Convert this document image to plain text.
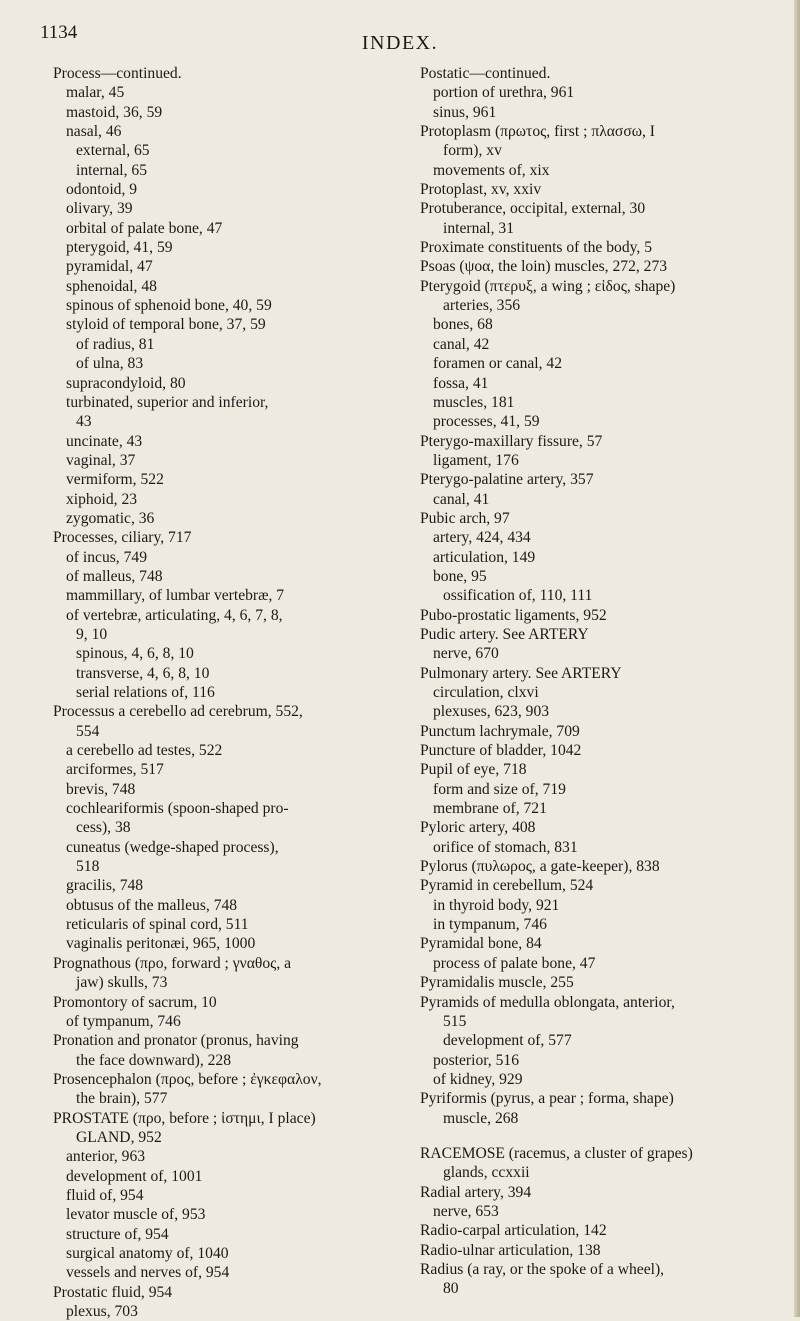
1134	INDEX.
Process—continued.
malar, 45
mastoid, 36, 59
nasal, 46
external, 65
internal, 65
odontoid, 9
olivary, 39
orbital of palate bone, 47
pterygoid, 41, 59
pyramidal, 47
sphenoidal, 48
spinous of sphenoid bone, 40, 59
styloid of temporal bone, 37, 59
of radius, 81
of ulna, 83
supracondyloid, 80
turbinated, superior and inferior,
43
uncinate, 43
vaginal, 37
vermiform, 522
xiphoid, 23
zygomatic, 36
Processes, ciliary, 717
of incus, 749
of malleus, 748
mammillary, of lumbar vertebræ, 7
of vertebræ, articulating, 4, 6, 7, 8,
9, 10
spinous, 4, 6, 8, 10
transverse, 4, 6, 8, 10
serial relations of, 116
Processus a cerebello ad cerebrum, 552,
554
a cerebello ad testes, 522
arciformes, 517
brevis, 748
cochleariformis (spoon-shaped pro-
cess), 38
cuneatus (wedge-shaped process),
518
gracilis, 748
obtusus of the malleus, 748
reticularis of spinal cord, 511
vaginalis peritonæi, 965, 1000
Prognathous (προ, forward ; γναθος, a
jaw) skulls, 73
Promontory of sacrum, 10
of tympanum, 746
Pronation and pronator (pronus, having
the face downward), 228
Prosencephalon (προς, before ; ἐγκεφαλον,
the brain), 577
PROSTATE (προ, before ; ἱστημι, I place)
GLAND, 952
anterior, 963
development of, 1001
fluid of, 954
levator muscle of, 953
structure of, 954
surgical anatomy of, 1040
vessels and nerves of, 954
Prostatic fluid, 954
plexus, 703
Postatic—continued.
portion of urethra, 961
sinus, 961
Protoplasm (πρωτος, first ; πλασσω, I
form), xv
movements of, xix
Protoplast, xv, xxiv
Protuberance, occipital, external, 30
internal, 31
Proximate constituents of the body, 5
Psoas (ψοα, the loin) muscles, 272, 273
Pterygoid (πτερυξ, a wing ; εἰδος, shape)
arteries, 356
bones, 68
canal, 42
foramen or canal, 42
fossa, 41
muscles, 181
processes, 41, 59
Pterygo-maxillary fissure, 57
ligament, 176
Pterygo-palatine artery, 357
canal, 41
Pubic arch, 97
artery, 424, 434
articulation, 149
bone, 95
ossification of, 110, 111
Pubo-prostatic ligaments, 952
Pudic artery. See ARTERY
nerve, 670
Pulmonary artery. See ARTERY
circulation, clxvi
plexuses, 623, 903
Punctum lachrymale, 709
Puncture of bladder, 1042
Pupil of eye, 718
form and size of, 719
membrane of, 721
Pyloric artery, 408
orifice of stomach, 831
Pylorus (πυλωρος, a gate-keeper), 838
Pyramid in cerebellum, 524
in thyroid body, 921
in tympanum, 746
Pyramidal bone, 84
process of palate bone, 47
Pyramidalis muscle, 255
Pyramids of medulla oblongata, anterior,
515
development of, 577
posterior, 516
of kidney, 929
Pyriformis (pyrus, a pear ; forma, shape)
muscle, 268
RACEMOSE (racemus, a cluster of grapes)
glands, ccxxii
Radial artery, 394
nerve, 653
Radio-carpal articulation, 142
Radio-ulnar articulation, 138
Radius (a ray, or the spoke of a wheel),
80
